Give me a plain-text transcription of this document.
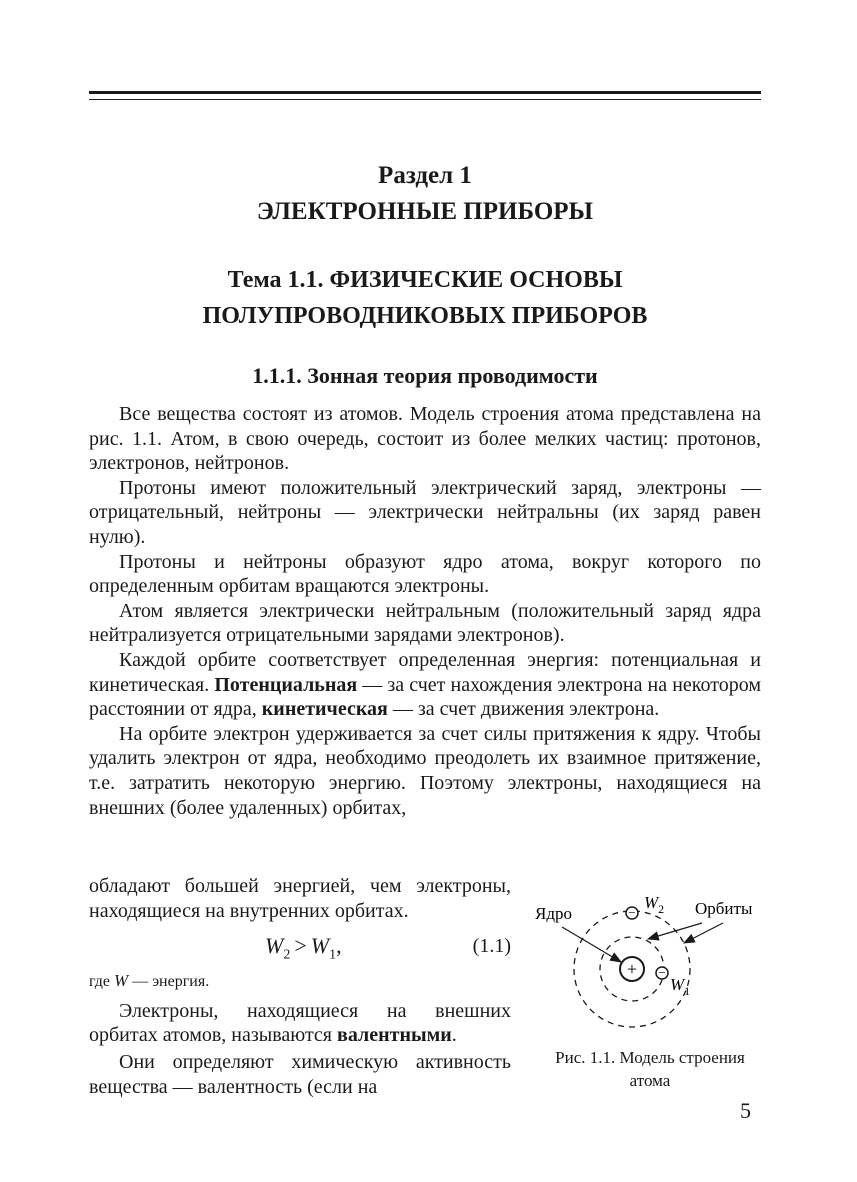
Раздел 1
ЭЛЕКТРОННЫЕ ПРИБОРЫ
Тема 1.1. ФИЗИЧЕСКИЕ ОСНОВЫ
ПОЛУПРОВОДНИКОВЫХ ПРИБОРОВ
1.1.1. Зонная теория проводимости

Все вещества состоят из атомов. Модель строения атома представлена на рис. 1.1. Атом, в свою очередь, состоит из более мелких частиц: протонов, электронов, нейтронов.

Протоны имеют положительный электрический заряд, электроны — отрицательный, нейтроны — электрически нейтральны (их заряд равен нулю).

Протоны и нейтроны образуют ядро атома, вокруг которого по определенным орбитам вращаются электроны.

Атом является электрически нейтральным (положительный заряд ядра нейтрализуется отрицательными зарядами электронов).

Каждой орбите соответствует определенная энергия: потенциальная и кинетическая. Потенциальная — за счет нахождения электрона на некотором расстоянии от ядра, кинетическая — за счет движения электрона.

На орбите электрон удерживается за счет силы притяжения к ядру. Чтобы удалить электрон от ядра, необходимо преодолеть их взаимное притяжение, т.е. затратить некоторую энергию. Поэтому электроны, находящиеся на внешних (более удаленных) орбитах,

обладают большей энергией, чем электроны, находящиеся на внутренних орбитах.

$W_2 > W_1$,	(1.1)

где W — энергия.

Электроны, находящиеся на внешних орбитах атомов, называются валентными.

Они определяют химическую активность вещества — валентность (если на

+
−
−
Ядро	Орбиты
$W_2$
$W_1$

Рис. 1.1. Модель строения
атома

5
